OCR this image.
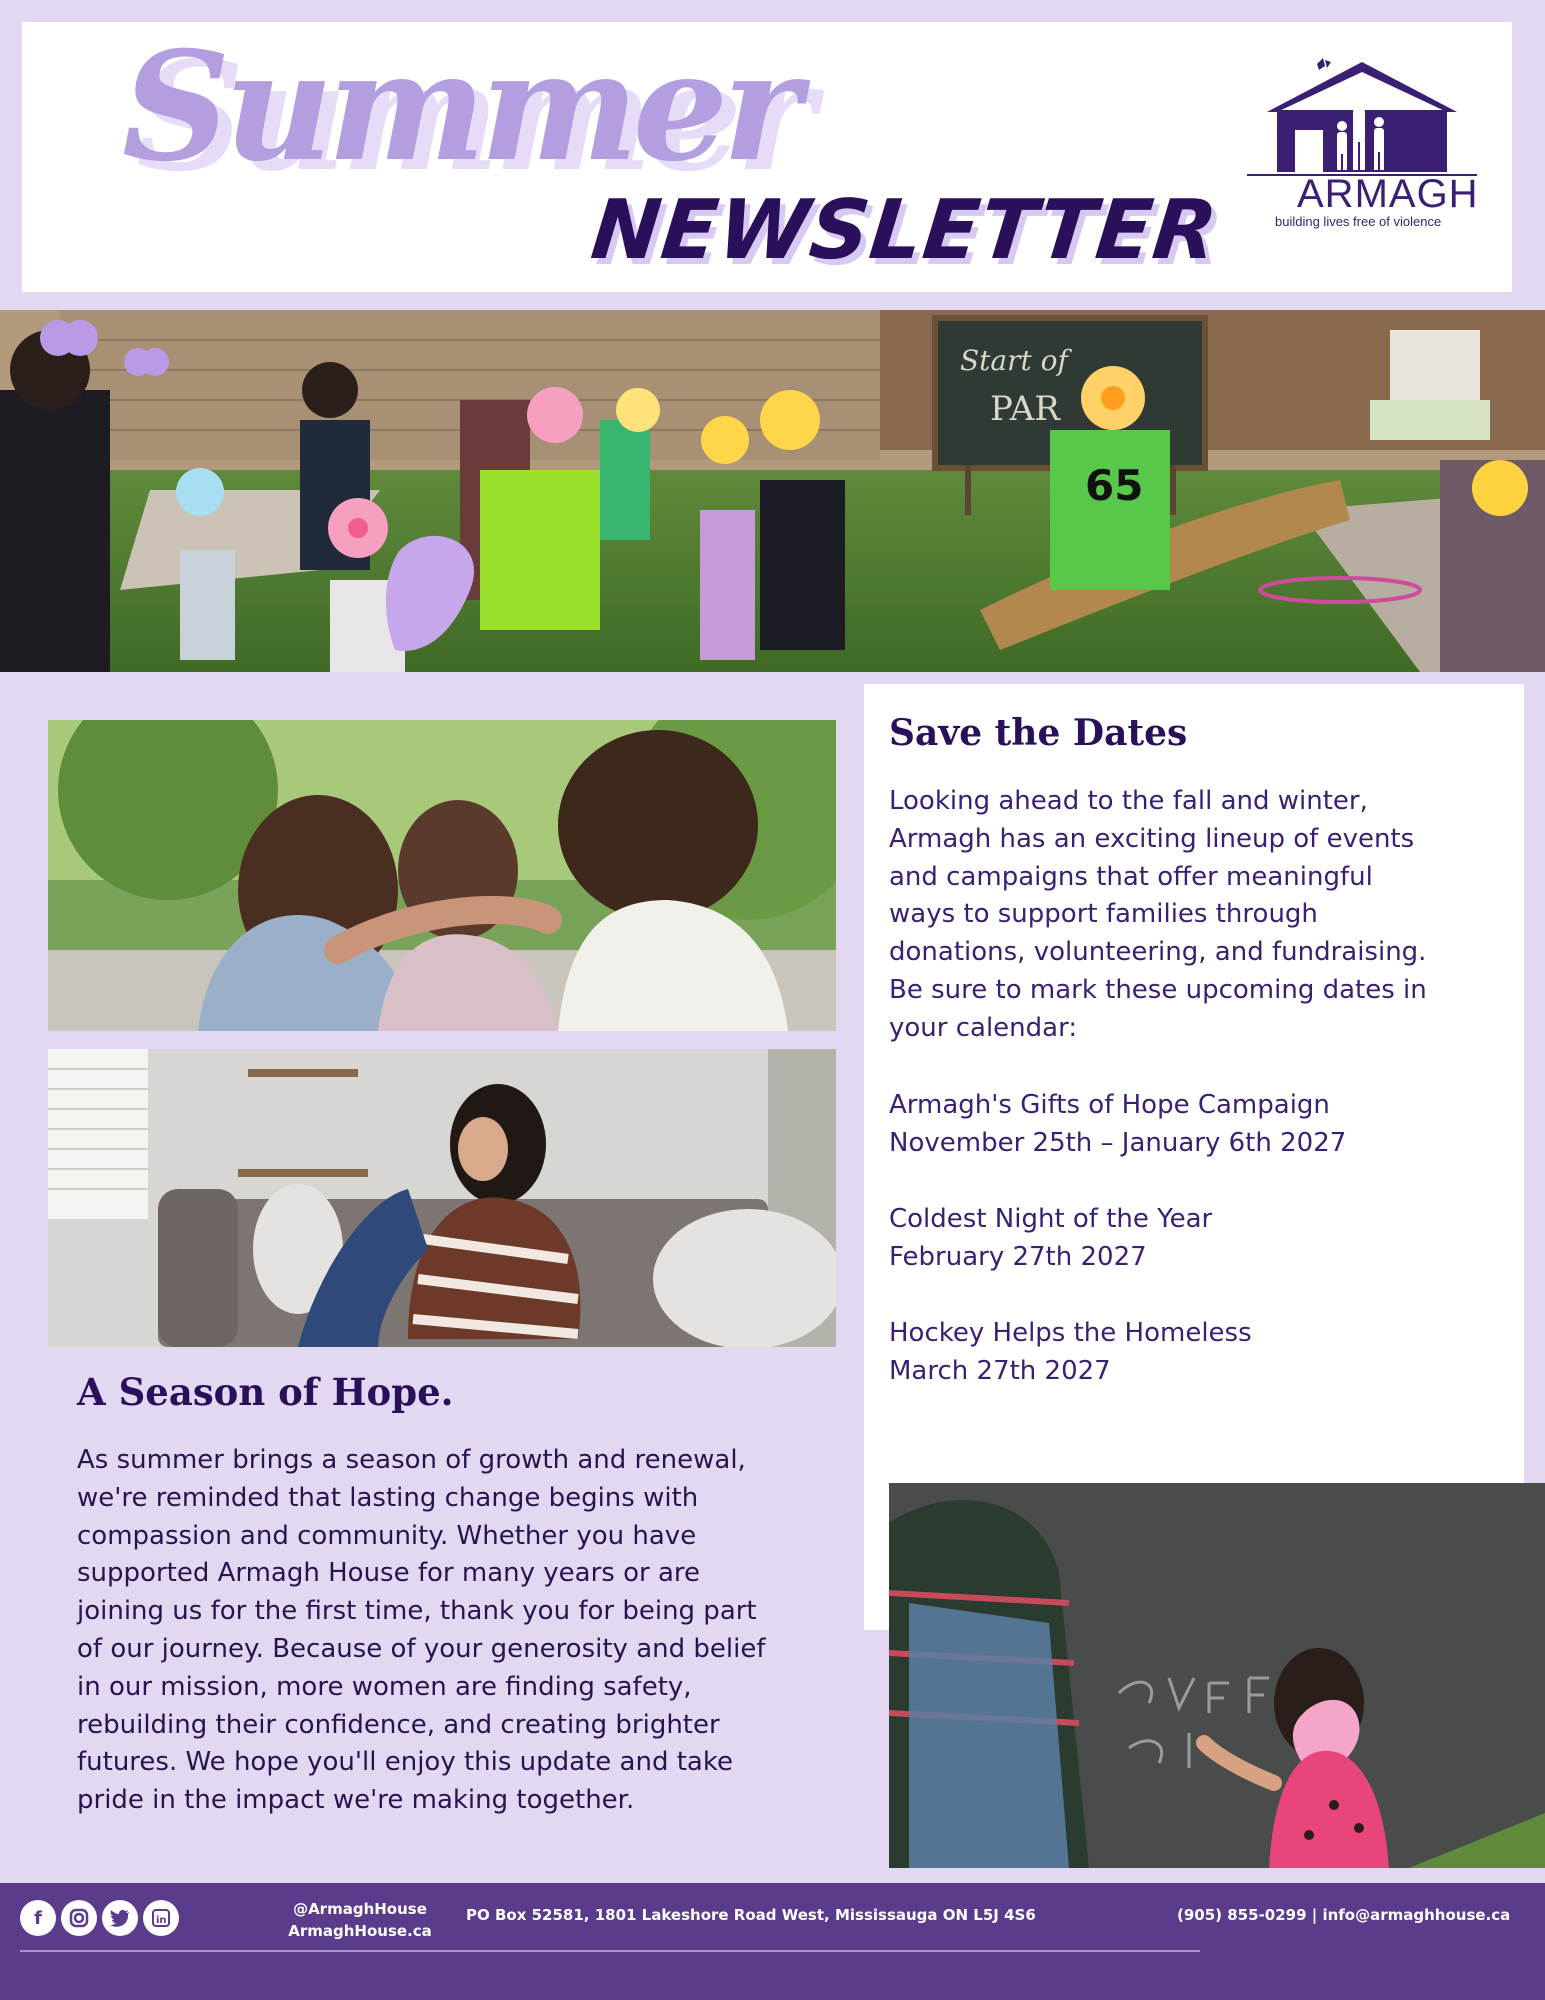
Summer
NEWSLETTER ARMAGH
building lives free of violence
Start of
PAR
65
A Season of Hope.
As summer brings a season of growth and renewal,
we're reminded that lasting change begins with
compassion and community. Whether you have
supported Armagh House for many years or are
joining us for the first time, thank you for being part
of our journey. Because of your generosity and belief
in our mission, more women are finding safety,
rebuilding their confidence, and creating brighter
futures. We hope you'll enjoy this update and take
pride in the impact we're making together.
Save the Dates
Looking ahead to the fall and winter,
Armagh has an exciting lineup of events
and campaigns that offer meaningful
ways to support families through
donations, volunteering, and fundraising.
Be sure to mark these upcoming dates in
your calendar:
Armagh's Gifts of Hope Campaign
November 25th – January 6th 2027
Coldest Night of the Year
February 27th 2027
Hockey Helps the Homeless
March 27th 2027
f	in
@ArmaghHouse
ArmaghHouse.ca
PO Box 52581, 1801 Lakeshore Road West, Mississauga ON L5J 4S6	(905) 855-0299 | info@armaghhouse.ca
